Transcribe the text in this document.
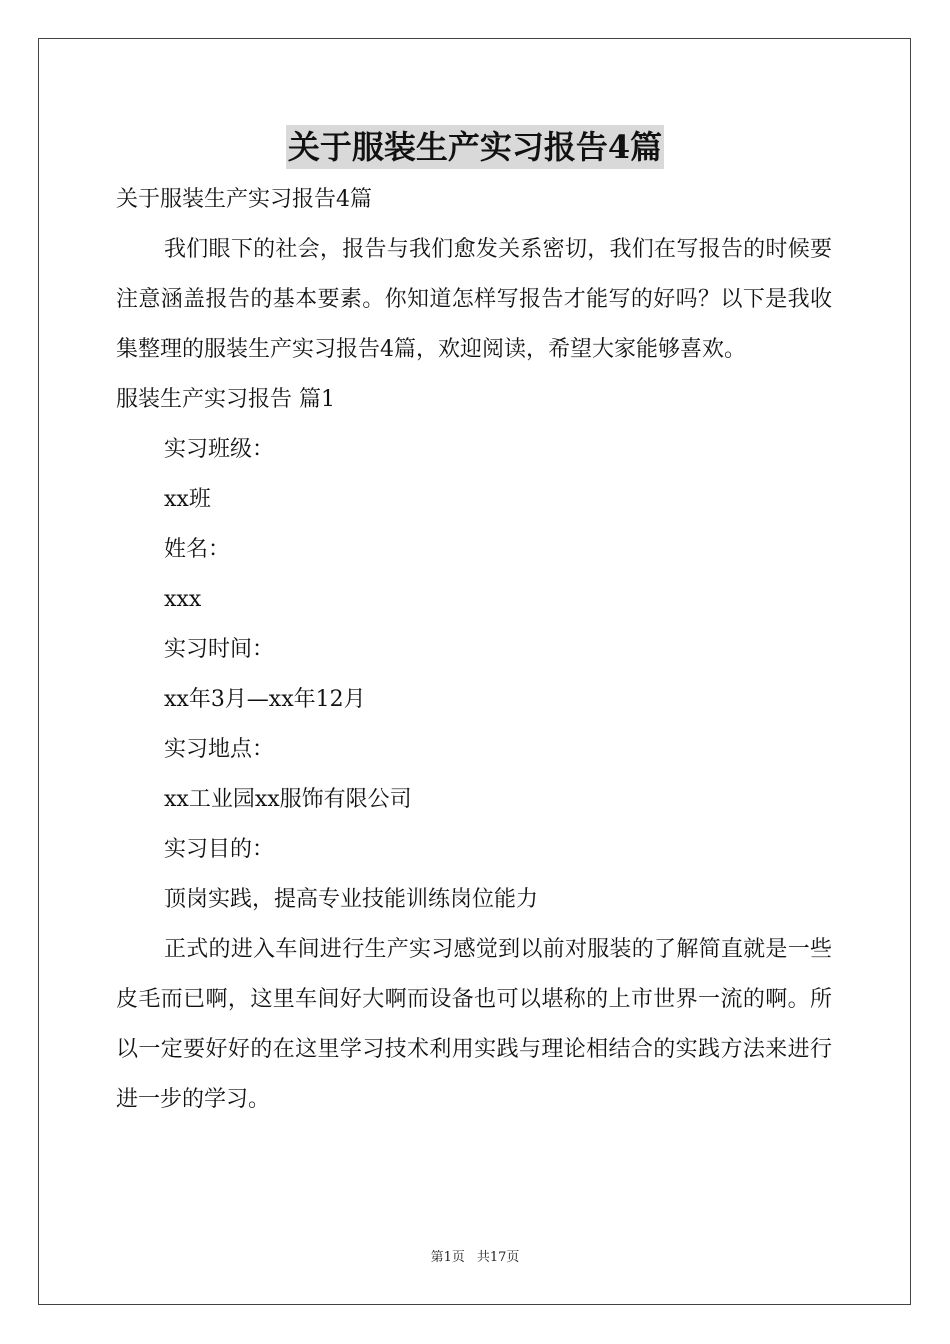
关于服装生产实习报告4篇

关于服装生产实习报告4篇

我们眼下的社会，报告与我们愈发关系密切，我们在写报告的时候要注意涵盖报告的基本要素。你知道怎样写报告才能写的好吗？以下是我收集整理的服装生产实习报告4篇，欢迎阅读，希望大家能够喜欢。

服装生产实习报告 篇1

实习班级：

xx班

姓名：

xxx

实习时间：

xx年3月—xx年12月

实习地点：

xx工业园xx服饰有限公司

实习目的：

顶岗实践，提高专业技能训练岗位能力

正式的进入车间进行生产实习感觉到以前对服装的了解简直就是一些皮毛而已啊，这里车间好大啊而设备也可以堪称的上市世界一流的啊。所以一定要好好的在这里学习技术利用实践与理论相结合的实践方法来进行进一步的学习。

第1页 共17页
